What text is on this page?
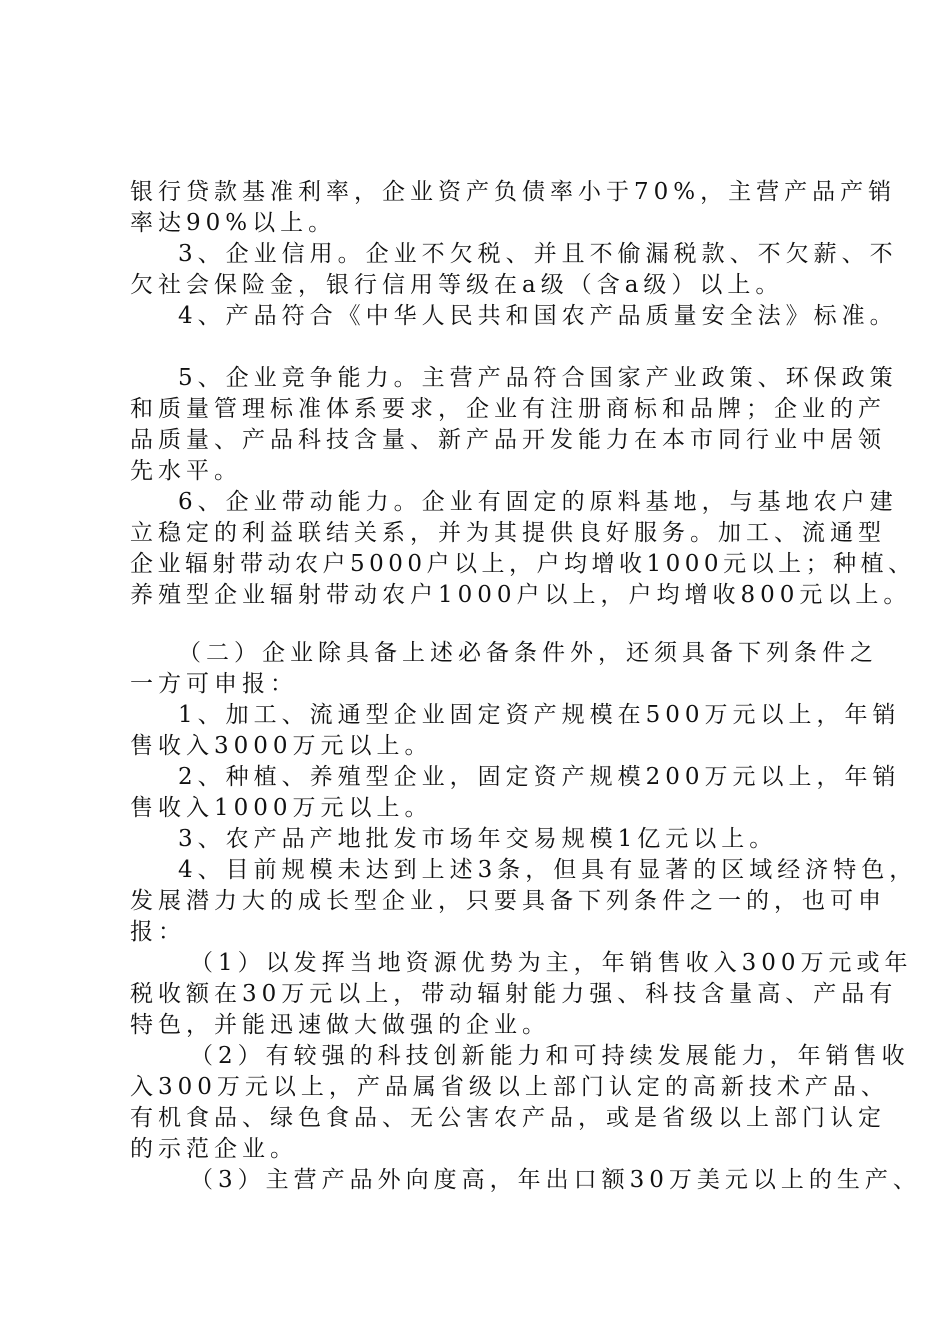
银行贷款基准利率，企业资产负债率小于70%，主营产品产销
率达90%以上。
3、企业信用。企业不欠税、并且不偷漏税款、不欠薪、不
欠社会保险金，银行信用等级在a级（含a级）以上。
4、产品符合《中华人民共和国农产品质量安全法》标准。
5、企业竞争能力。主营产品符合国家产业政策、环保政策
和质量管理标准体系要求，企业有注册商标和品牌；企业的产
品质量、产品科技含量、新产品开发能力在本市同行业中居领
先水平。
6、企业带动能力。企业有固定的原料基地，与基地农户建
立稳定的利益联结关系，并为其提供良好服务。加工、流通型
企业辐射带动农户5000户以上，户均增收1000元以上；种植、
养殖型企业辐射带动农户1000户以上，户均增收800元以上。
（二）企业除具备上述必备条件外，还须具备下列条件之
一方可申报：
1、加工、流通型企业固定资产规模在500万元以上，年销
售收入3000万元以上。
2、种植、养殖型企业，固定资产规模200万元以上，年销
售收入1000万元以上。
3、农产品产地批发市场年交易规模1亿元以上。
4、目前规模未达到上述3条，但具有显著的区域经济特色，
发展潜力大的成长型企业，只要具备下列条件之一的，也可申
报：
（1）以发挥当地资源优势为主，年销售收入300万元或年
税收额在30万元以上，带动辐射能力强、科技含量高、产品有
特色，并能迅速做大做强的企业。
（2）有较强的科技创新能力和可持续发展能力，年销售收
入300万元以上，产品属省级以上部门认定的高新技术产品、
有机食品、绿色食品、无公害农产品，或是省级以上部门认定
的示范企业。
（3）主营产品外向度高，年出口额30万美元以上的生产、
